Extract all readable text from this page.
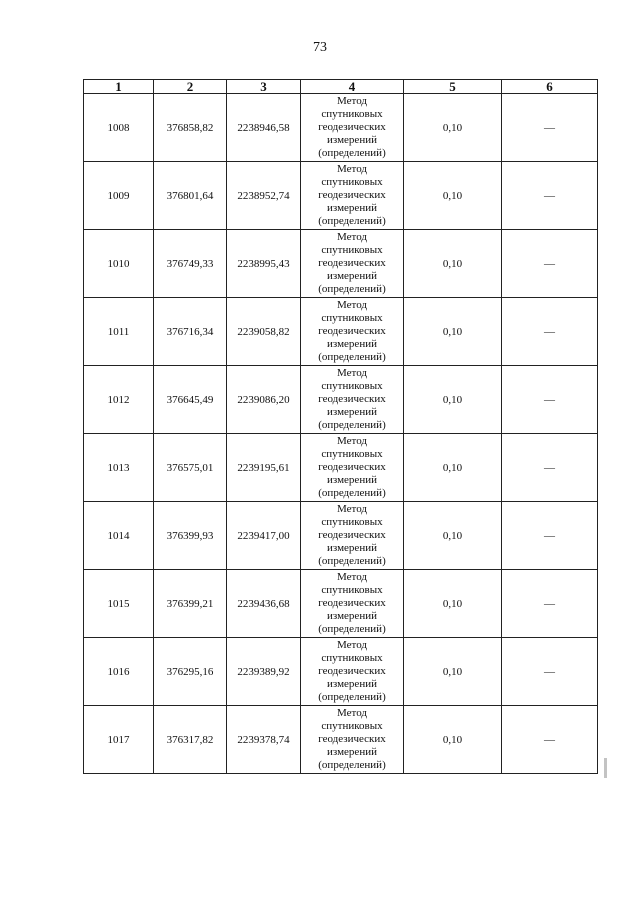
73
1	2	3	4	5	6
1008	376858,82	2238946,58	Метод
спутниковых
геодезических
измерений
(определений)	0,10	—
1009	376801,64	2238952,74	Метод
спутниковых
геодезических
измерений
(определений)	0,10	—
1010	376749,33	2238995,43	Метод
спутниковых
геодезических
измерений
(определений)	0,10	—
1011	376716,34	2239058,82	Метод
спутниковых
геодезических
измерений
(определений)	0,10	—
1012	376645,49	2239086,20	Метод
спутниковых
геодезических
измерений
(определений)	0,10	—
1013	376575,01	2239195,61	Метод
спутниковых
геодезических
измерений
(определений)	0,10	—
1014	376399,93	2239417,00	Метод
спутниковых
геодезических
измерений
(определений)	0,10	—
1015	376399,21	2239436,68	Метод
спутниковых
геодезических
измерений
(определений)	0,10	—
1016	376295,16	2239389,92	Метод
спутниковых
геодезических
измерений
(определений)	0,10	—
1017	376317,82	2239378,74	Метод
спутниковых
геодезических
измерений
(определений)	0,10	—
